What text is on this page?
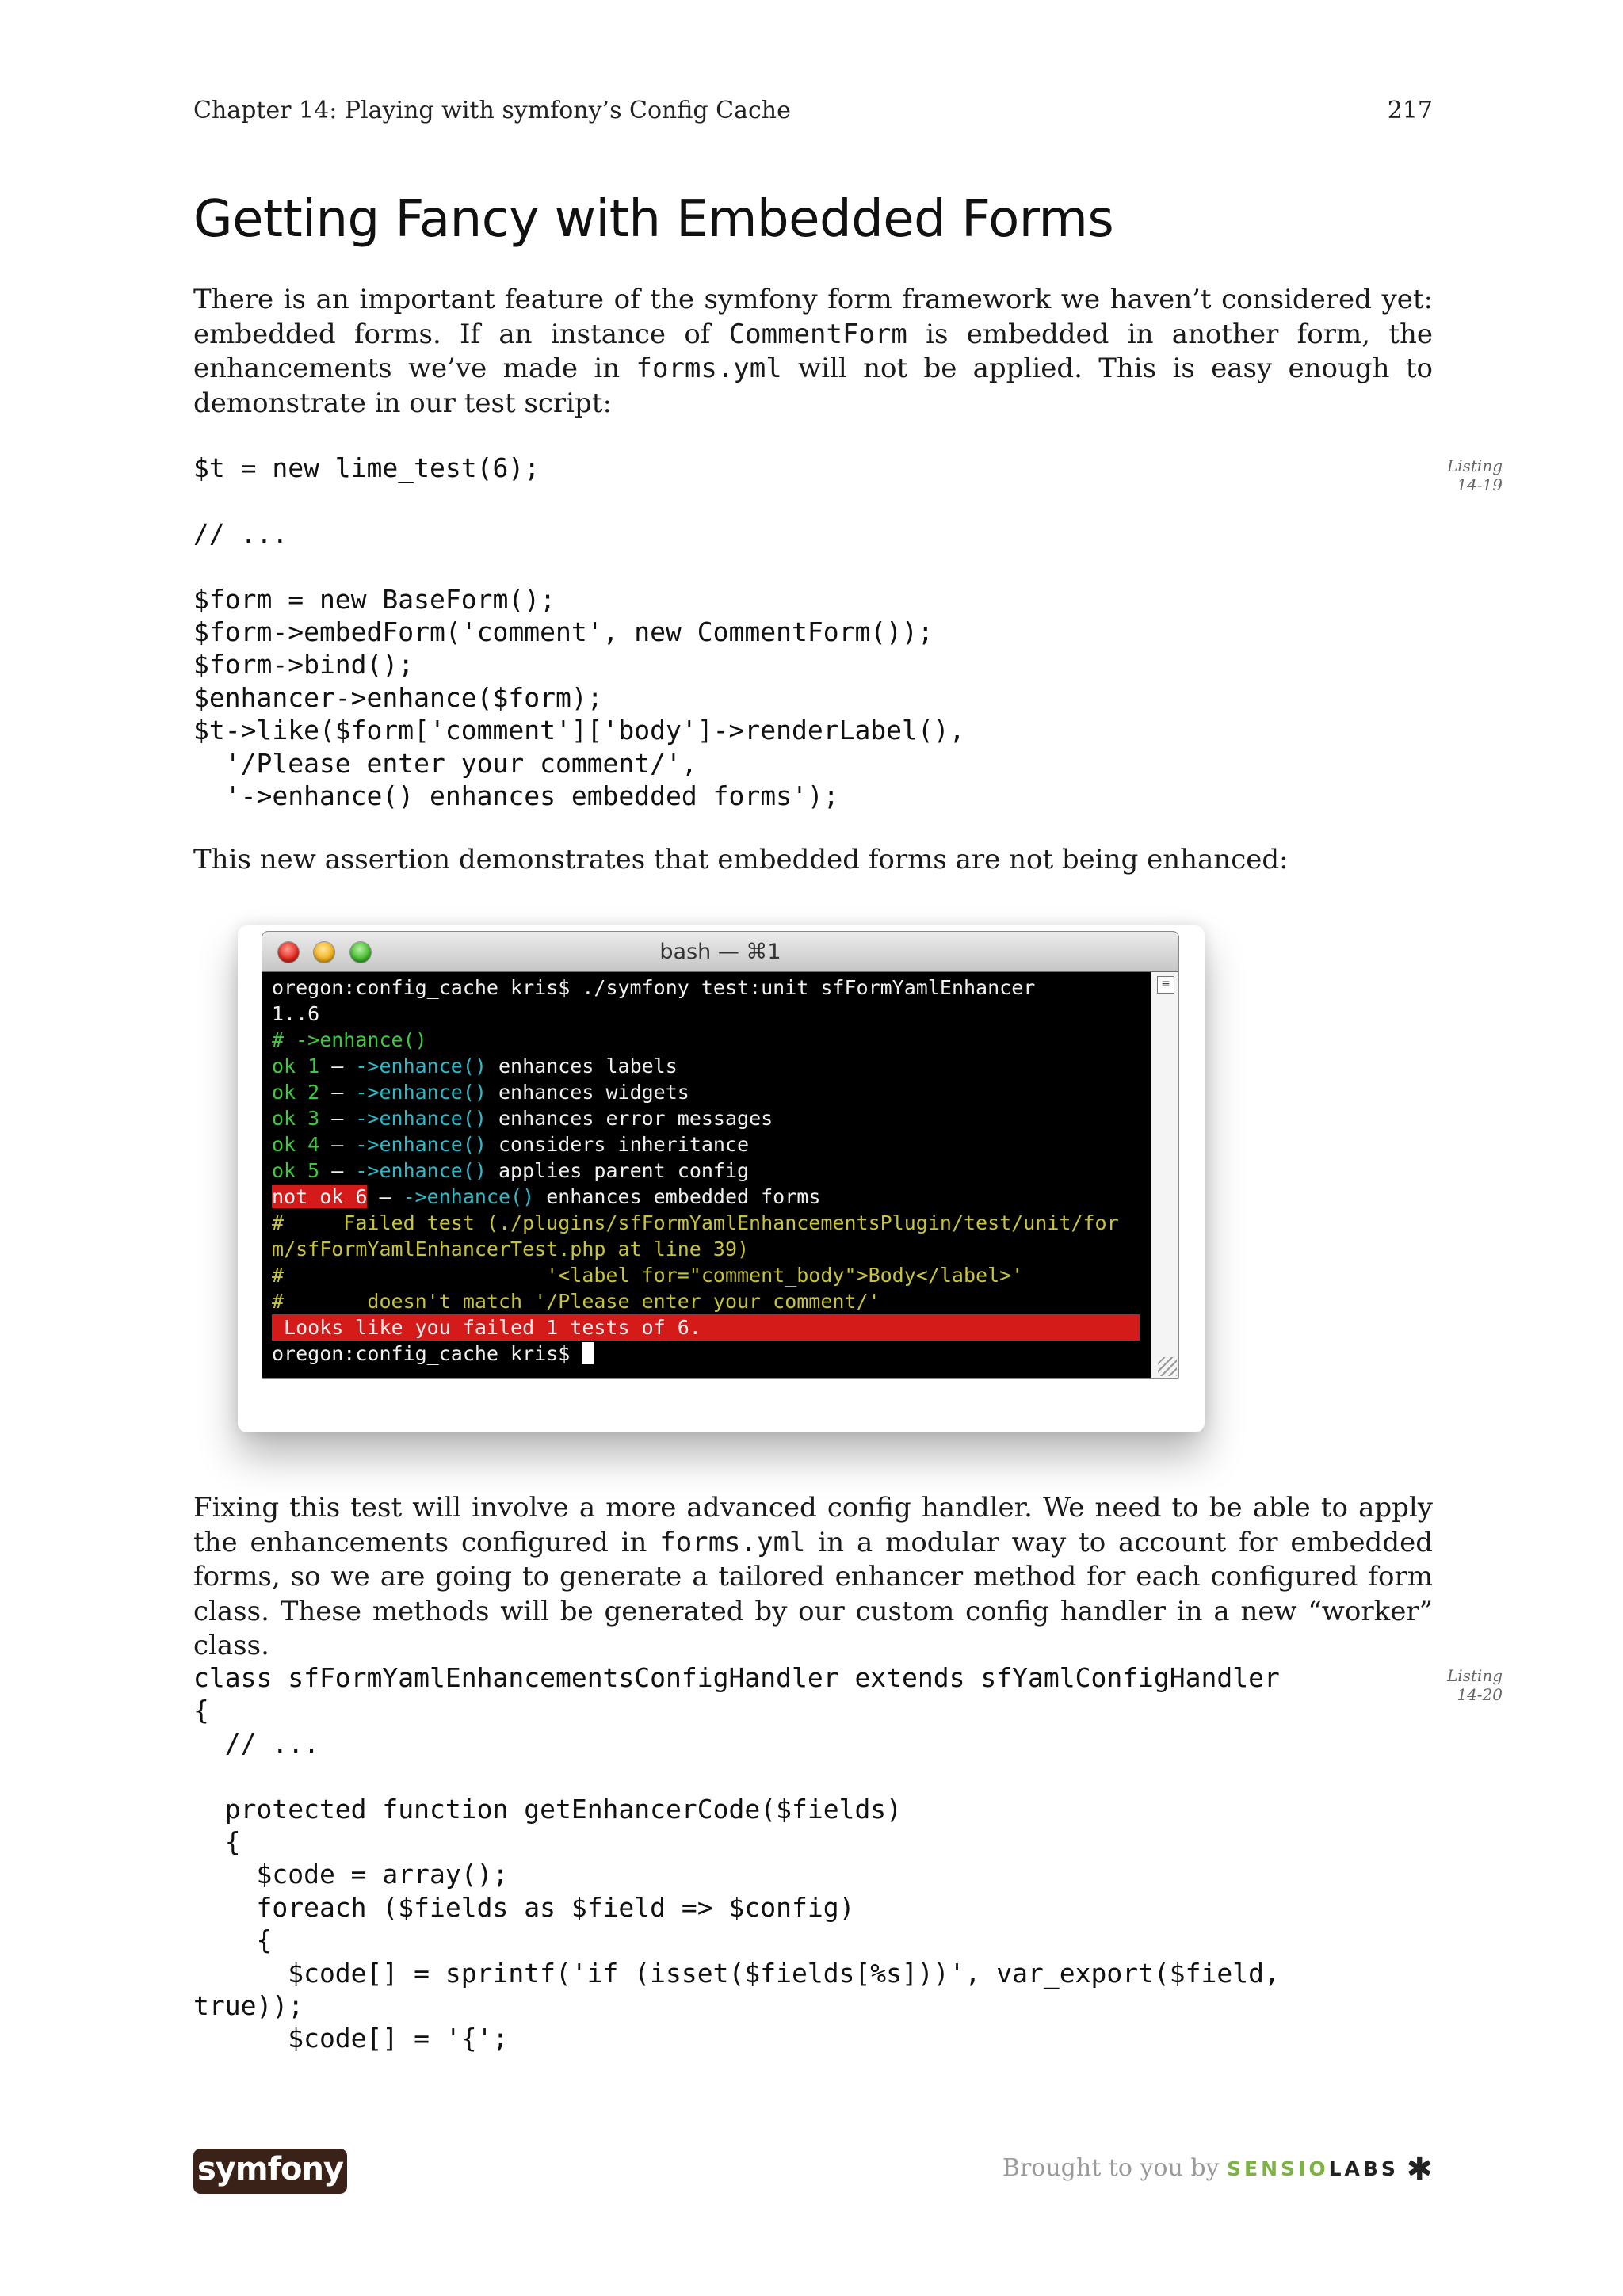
Chapter 14: Playing with symfony’s Config Cache	217
Getting Fancy with Embedded Forms

There is an important feature of the symfony form framework we haven’t considered yet: embedded forms. If an instance of CommentForm is embedded in another form, the enhancements we’ve made in forms.yml will not be applied. This is easy enough to demonstrate in our test script:

Listing
14-19
$t = new lime_test(6);

// ...

$form = new BaseForm();
$form->embedForm('comment', new CommentForm());
$form->bind();
$enhancer->enhance($form);
$t->like($form['comment']['body']->renderLabel(),
'/Please enter your comment/',
'->enhance() enhances embedded forms');

This new assertion demonstrates that embedded forms are not being enhanced:

bash — ⌘1
oregon:config_cache kris$ ./symfony test:unit sfFormYamlEnhancer
1..6
# ->enhance()
ok 1 – ->enhance() enhances labels
ok 2 – ->enhance() enhances widgets
ok 3 – ->enhance() enhances error messages
ok 4 – ->enhance() considers inheritance
ok 5 – ->enhance() applies parent config
not ok 6 – ->enhance() enhances embedded forms
#     Failed test (./plugins/sfFormYamlEnhancementsPlugin/test/unit/for
m/sfFormYamlEnhancerTest.php at line 39)
#                      '<label for="comment_body">Body</label>'
#       doesn't match '/Please enter your comment/'
Looks like you failed 1 tests of 6.
oregon:config_cache kris$
≡

Fixing this test will involve a more advanced config handler. We need to be able to apply the enhancements configured in forms.yml in a modular way to account for embedded forms, so we are going to generate a tailored enhancer method for each configured form class. These methods will be generated by our custom config handler in a new “worker” class.

Listing
14-20
class sfFormYamlEnhancementsConfigHandler extends sfYamlConfigHandler
{
// ...

protected function getEnhancerCode($fields)
{
$code = array();
foreach ($fields as $field => $config)
{
$code[] = sprintf('if (isset($fields[%s]))', var_export($field,
true));
$code[] = '{';
symfony	Brought to you by SENSIOLABS ✱
